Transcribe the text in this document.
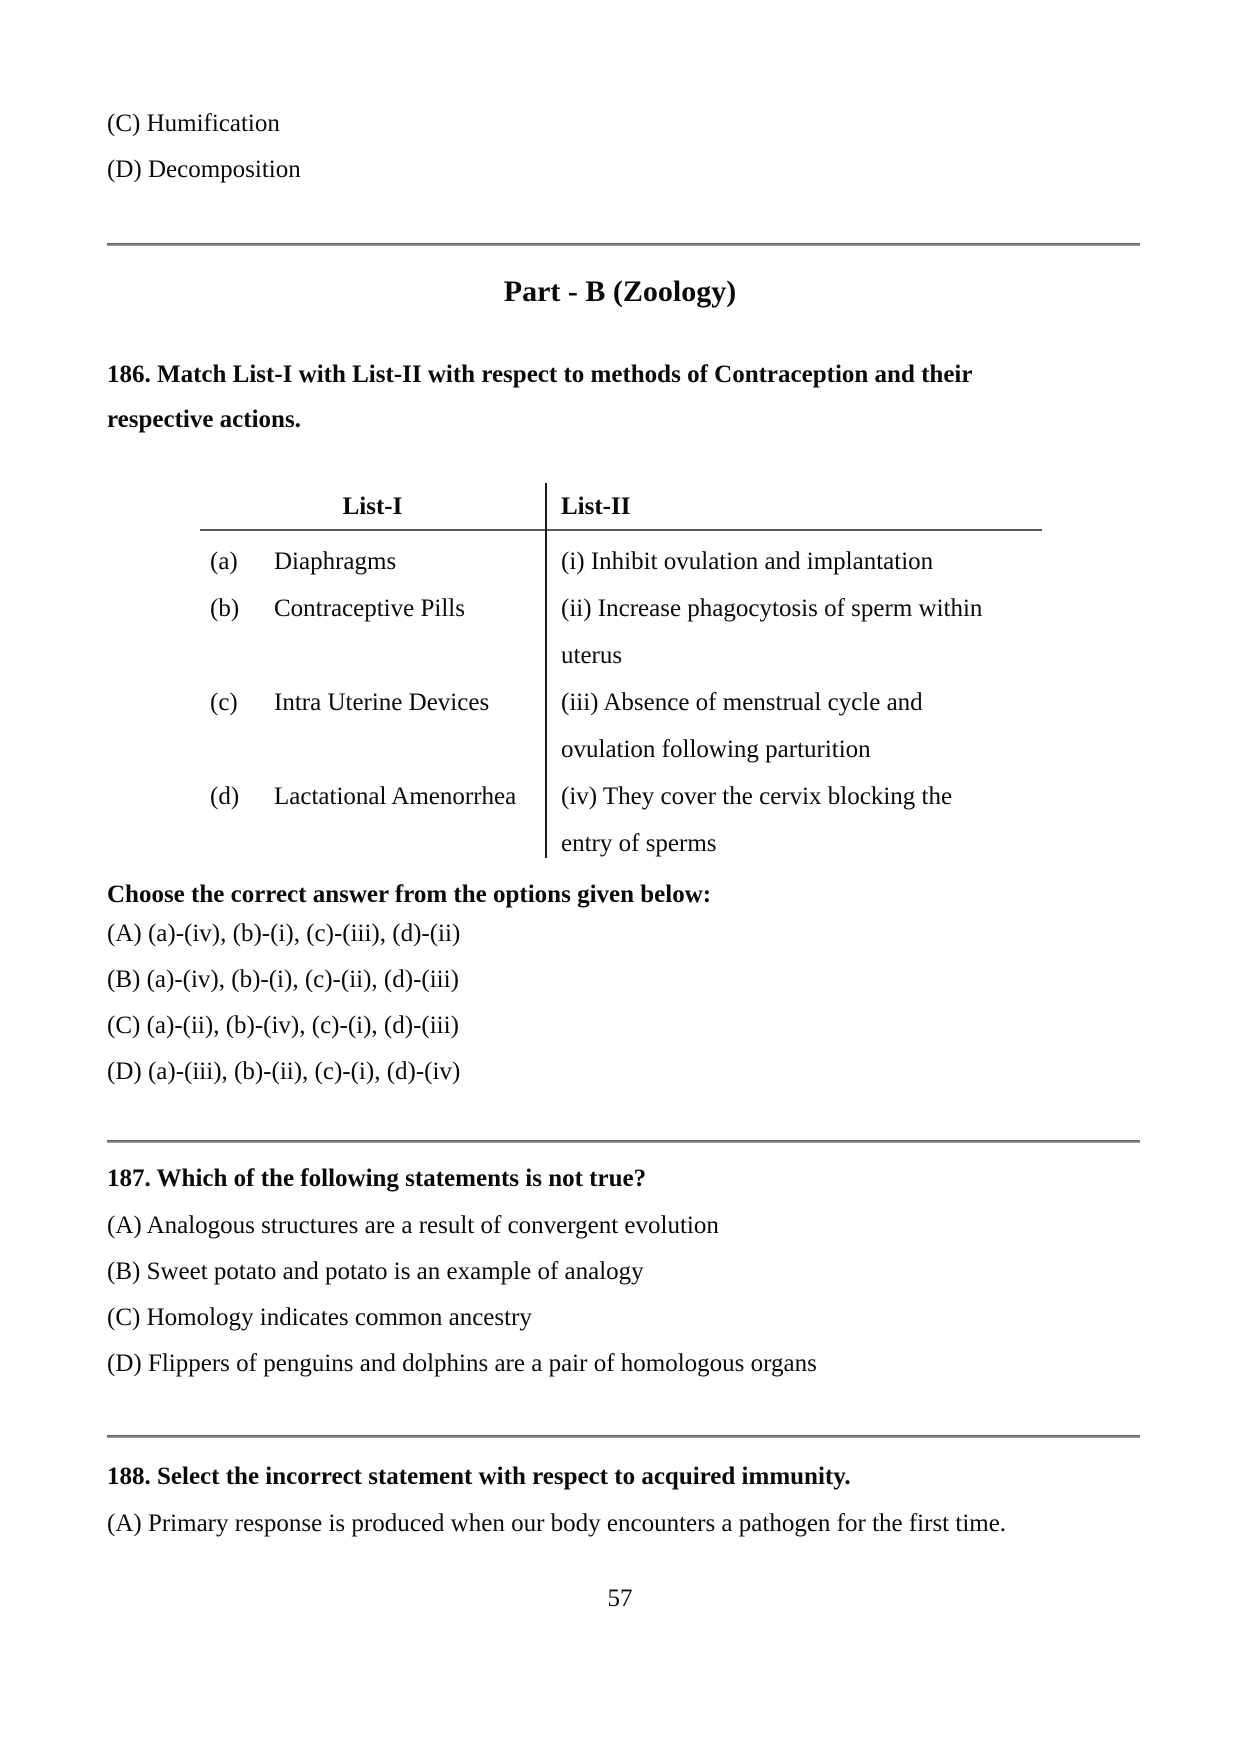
(C) Humification
(D) Decomposition
Part - B (Zoology)
186. Match List-I with List-II with respect to methods of Contraception and their
respective actions.
List-I	List-II
(a)	Diaphragms	(i) Inhibit ovulation and implantation
(b)	Contraceptive Pills	(ii) Increase phagocytosis of sperm within
uterus
(c)	Intra Uterine Devices	(iii) Absence of menstrual cycle and
ovulation following parturition
(d)	Lactational Amenorrhea (iv) They cover the cervix blocking the
entry of sperms
Choose the correct answer from the options given below:
(A) (a)-(iv), (b)-(i), (c)-(iii), (d)-(ii)
(B) (a)-(iv), (b)-(i), (c)-(ii), (d)-(iii)
(C) (a)-(ii), (b)-(iv), (c)-(i), (d)-(iii)
(D) (a)-(iii), (b)-(ii), (c)-(i), (d)-(iv)
187. Which of the following statements is not true?
(A) Analogous structures are a result of convergent evolution
(B) Sweet potato and potato is an example of analogy
(C) Homology indicates common ancestry
(D) Flippers of penguins and dolphins are a pair of homologous organs
188. Select the incorrect statement with respect to acquired immunity.
(A) Primary response is produced when our body encounters a pathogen for the first time.
57
